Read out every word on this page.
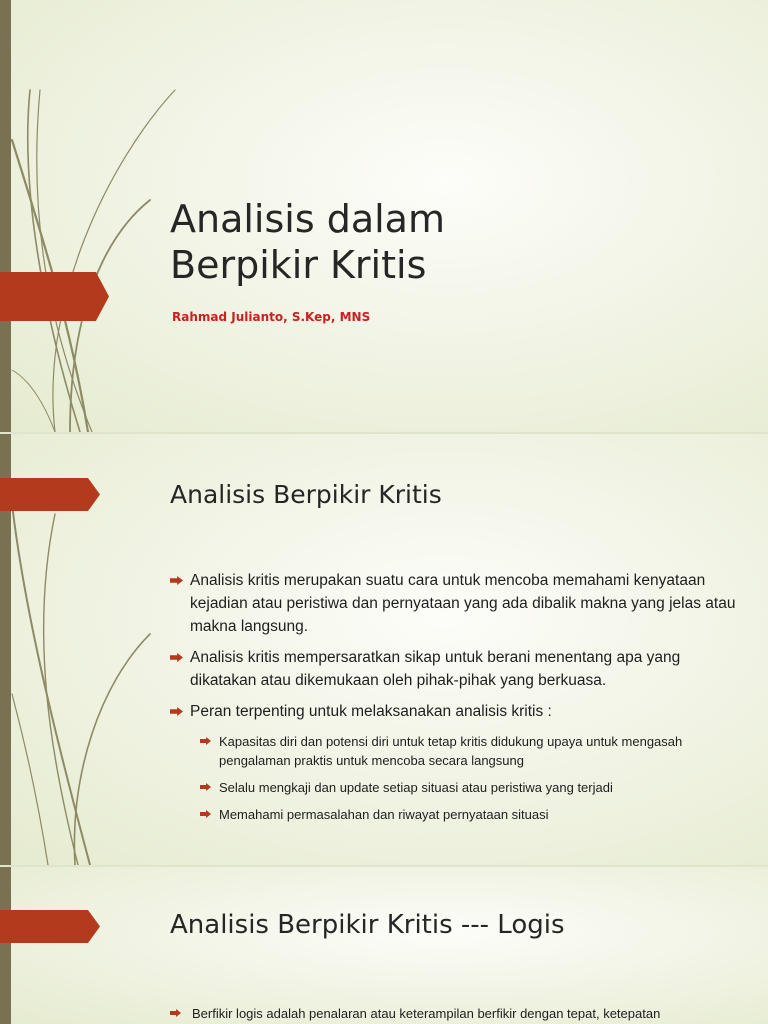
Analisis dalam
Berpikir Kritis
Rahmad Julianto, S.Kep, MNS
Analisis Berpikir Kritis
Analisis kritis merupakan suatu cara untuk mencoba memahami kenyataan kejadian atau peristiwa dan pernyataan yang ada dibalik makna yang jelas atau makna langsung.
Analisis kritis mempersaratkan sikap untuk berani menentang apa yang dikatakan atau dikemukaan oleh pihak-pihak yang berkuasa.
Peran terpenting untuk melaksanakan analisis kritis :
Kapasitas diri dan potensi diri untuk tetap kritis didukung upaya untuk mengasah pengalaman praktis untuk mencoba secara langsung
Selalu mengkaji dan update setiap situasi atau peristiwa yang terjadi
Memahami permasalahan dan riwayat pernyataan situasi
Analisis Berpikir Kritis --- Logis
Berfikir logis adalah penalaran atau keterampilan berfikir dengan tepat, ketepatan
